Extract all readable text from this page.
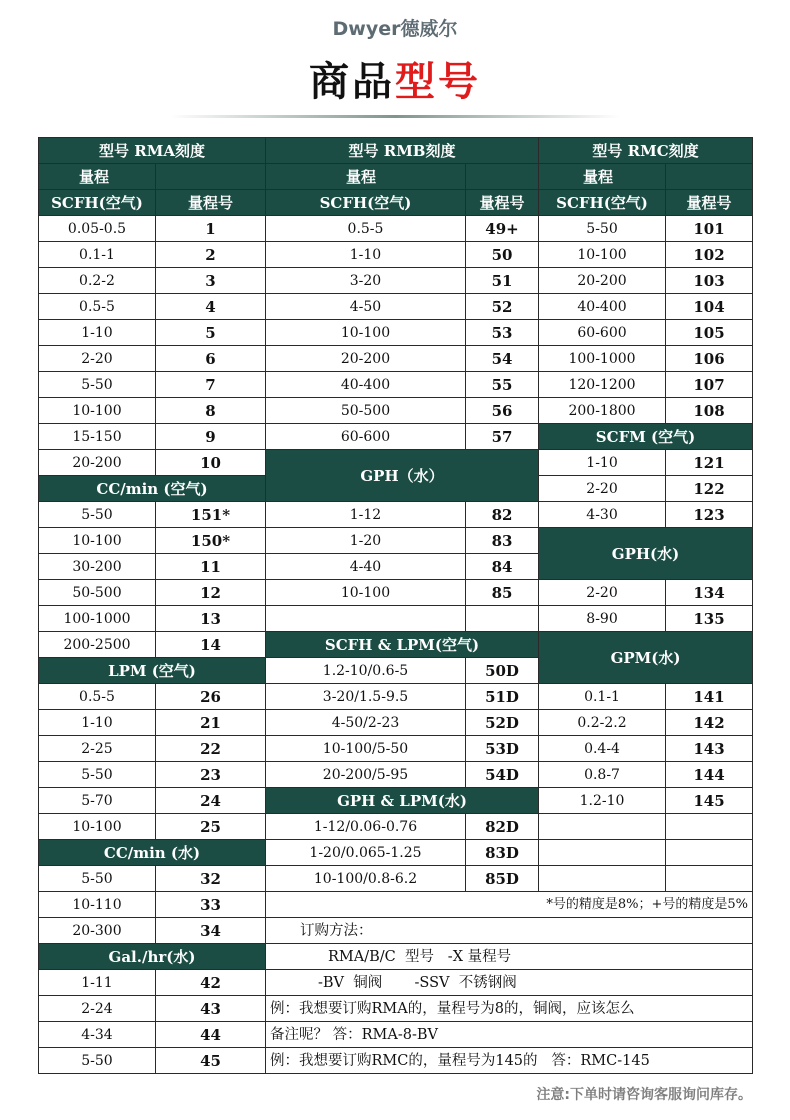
Dwyer德威尔
商品型号
型号 RMA刻度		型号 RMB刻度		型号 RMC刻度	
量程		量程		量程	
SCFH(空气)	量程号	SCFH(空气)	量程号	SCFH(空气)	量程号
0.05-0.5	1	0.5-5	49+	5-50	101
0.1-1	2	1-10	50	10-100	102
0.2-2	3	3-20	51	20-200	103
0.5-5	4	4-50	52	40-400	104
1-10	5	10-100	53	60-600	105
2-20	6	20-200	54	100-1000	106
5-50	7	40-400	55	120-1200	107
10-100	8	50-500	56	200-1800	108
15-150	9	60-600	57	SCFM (空气)	
20-200	10	GPH（水）		1-10	121
CC/min (空气)				2-20	122
5-50	151*	1-12	82	4-30	123
10-100	150*	1-20	83	GPH(水)	
30-200	11	4-40	84		
50-500	12	10-100	85	2-20	134
100-1000	13			8-90	135
200-2500	14	SCFH & LPM(空气)		GPM(水)	
LPM (空气)		1.2-10/0.6-5	50D		
0.5-5	26	3-20/1.5-9.5	51D	0.1-1	141
1-10	21	4-50/2-23	52D	0.2-2.2	142
2-25	22	10-100/5-50	53D	0.4-4	143
5-50	23	20-200/5-95	54D	0.8-7	144
5-70	24	GPH & LPM(水)		1.2-10	145
10-100	25	1-12/0.06-0.76	82D		
CC/min (水)		1-20/0.065-1.25	83D		
5-50	32	10-100/0.8-6.2	85D		
10-110	33	*号的精度是8%；+号的精度是5%			
20-300	34	订购方法：			
Gal./hr(水)		RMA/B/C  型号   -X 量程号			
1-11	42	-BV  铜阀       -SSV  不锈钢阀			
2-24	43	例：我想要订购RMA的，量程号为8的，铜阀，应该怎么			
4-34	44	备注呢？ 答：RMA-8-BV			
5-50	45	例：我想要订购RMC的，量程号为145的   答：RMC-145			
注意:下单时请咨询客服询问库存。
